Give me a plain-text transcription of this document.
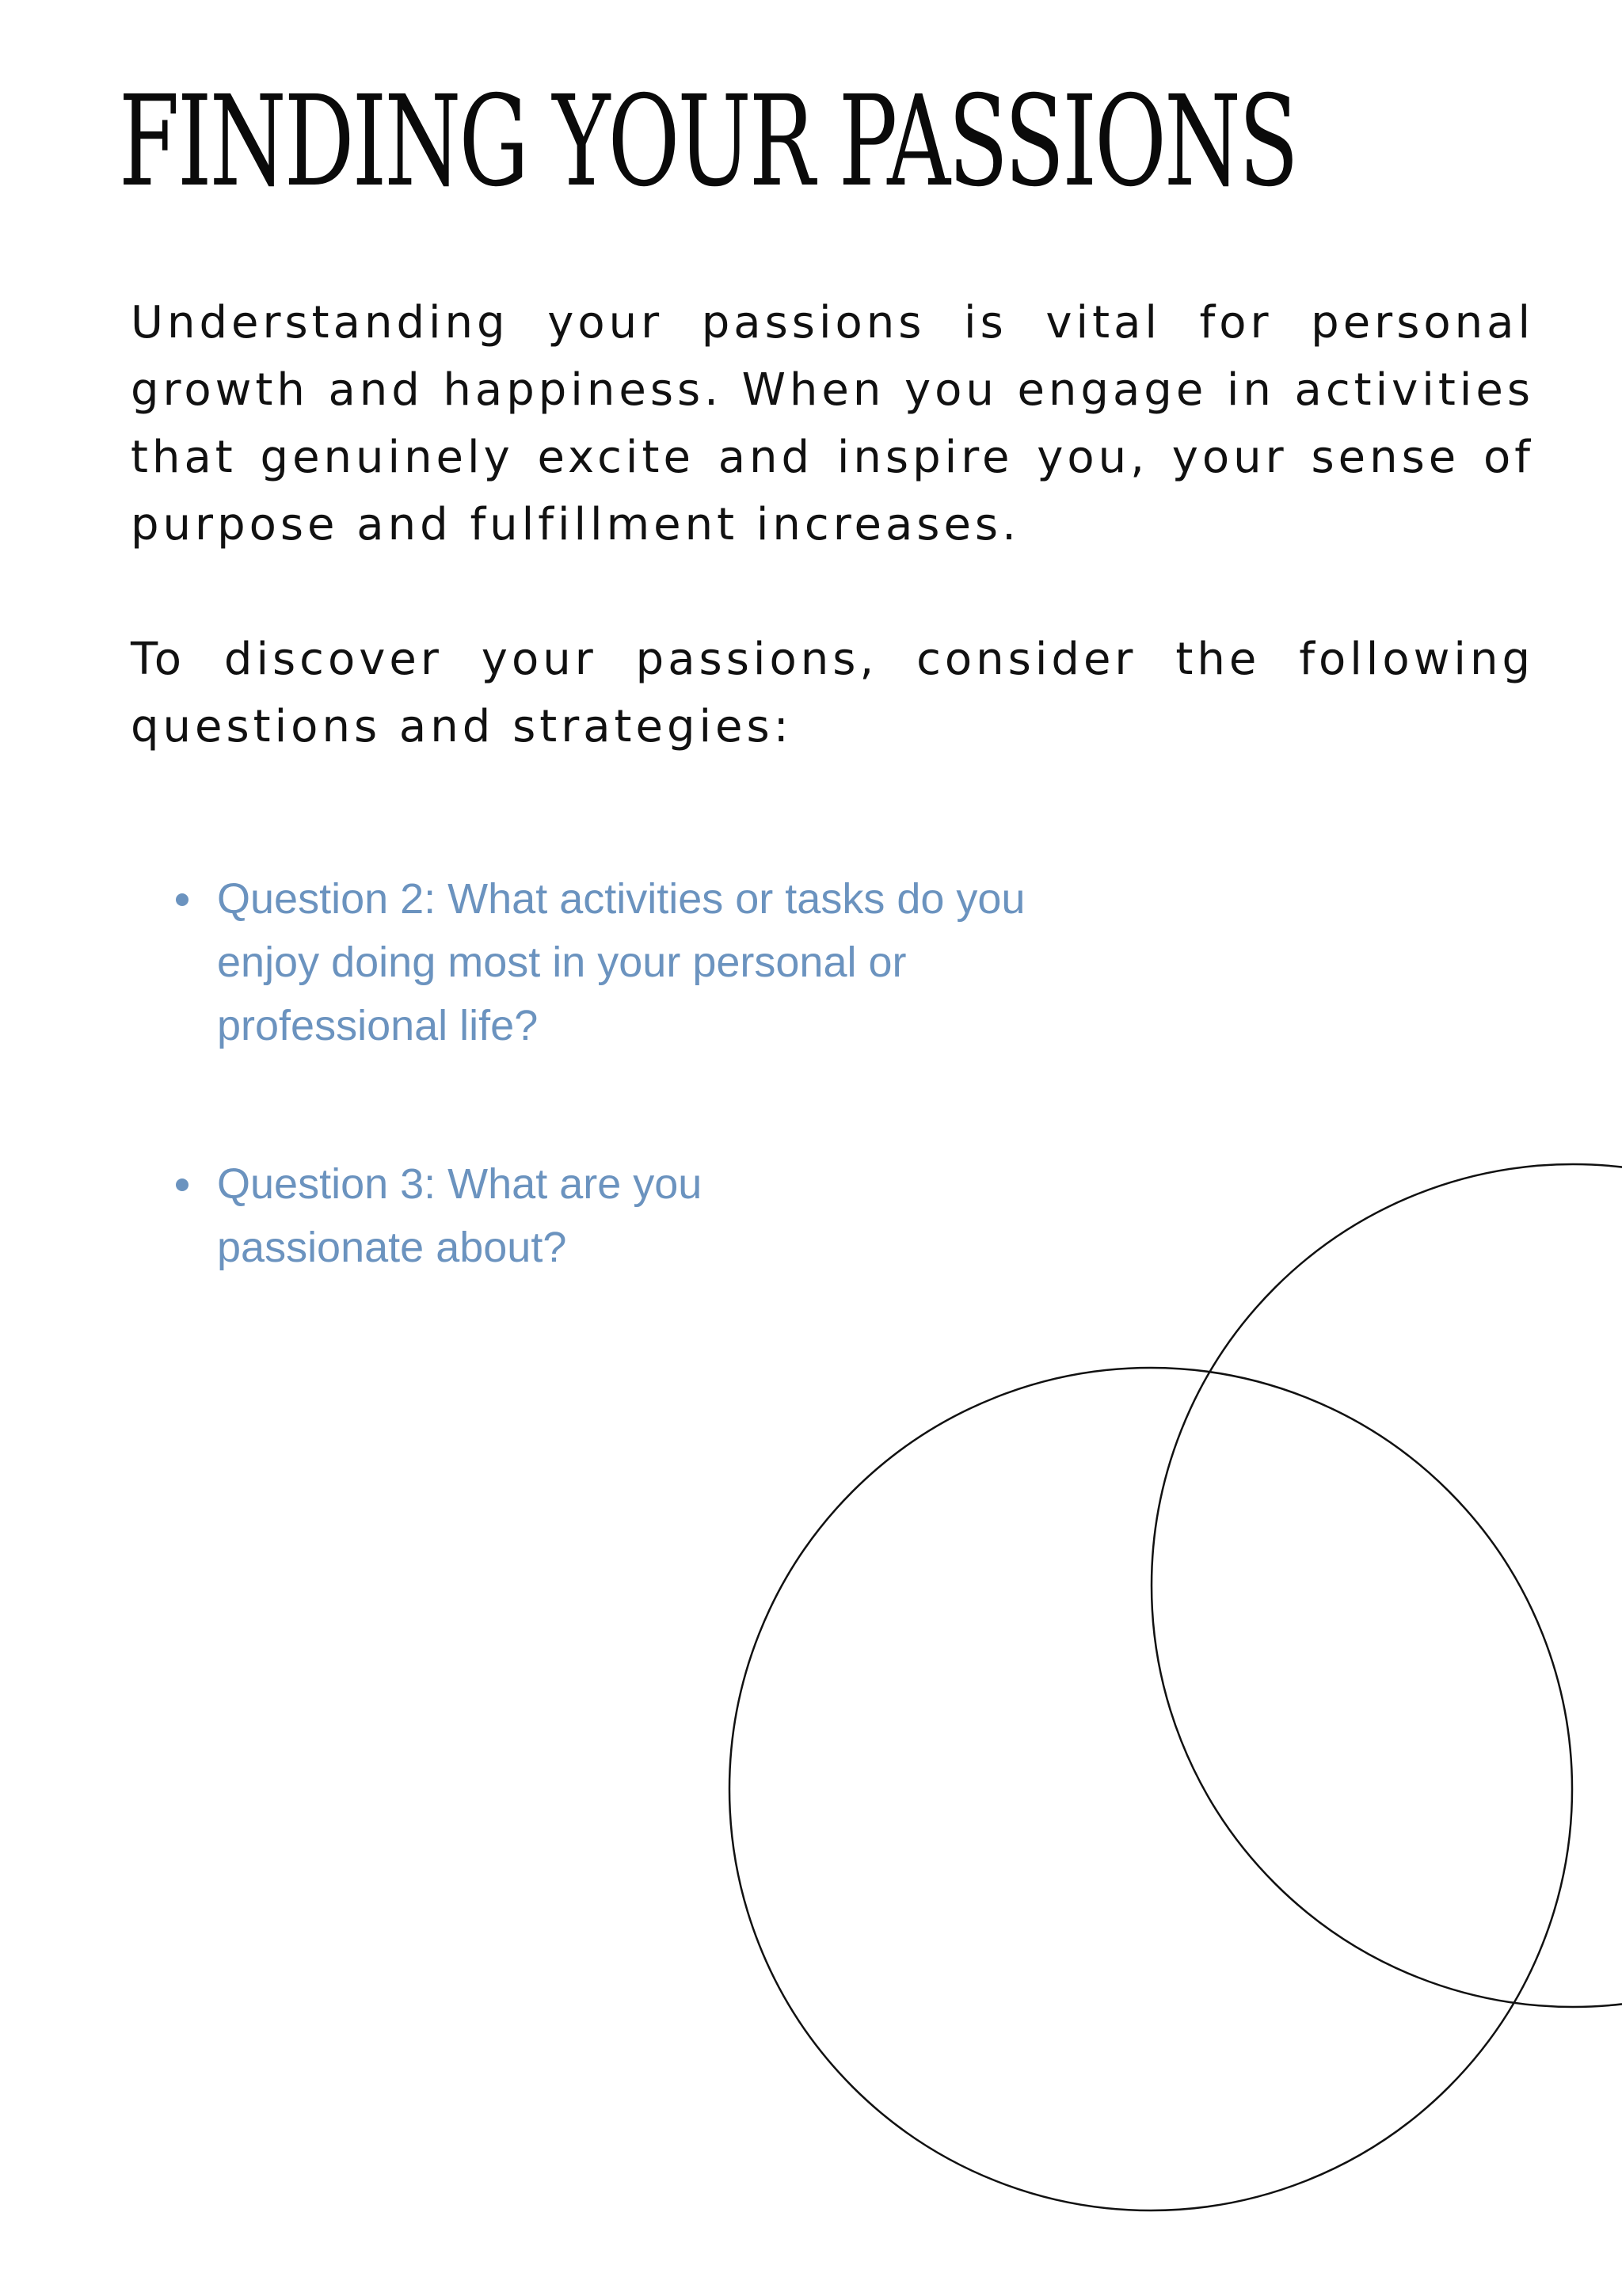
FINDING YOUR PASSIONS

Understanding your passions is vital for personal growth and happiness. When you engage in activities that genuinely excite and inspire you, your sense of purpose and fulfillment increases.

To discover your passions, consider the following questions and strategies:

Question 2: What activities or tasks do you enjoy doing most in your personal or professional life?
Question 3: What are you passionate about?
